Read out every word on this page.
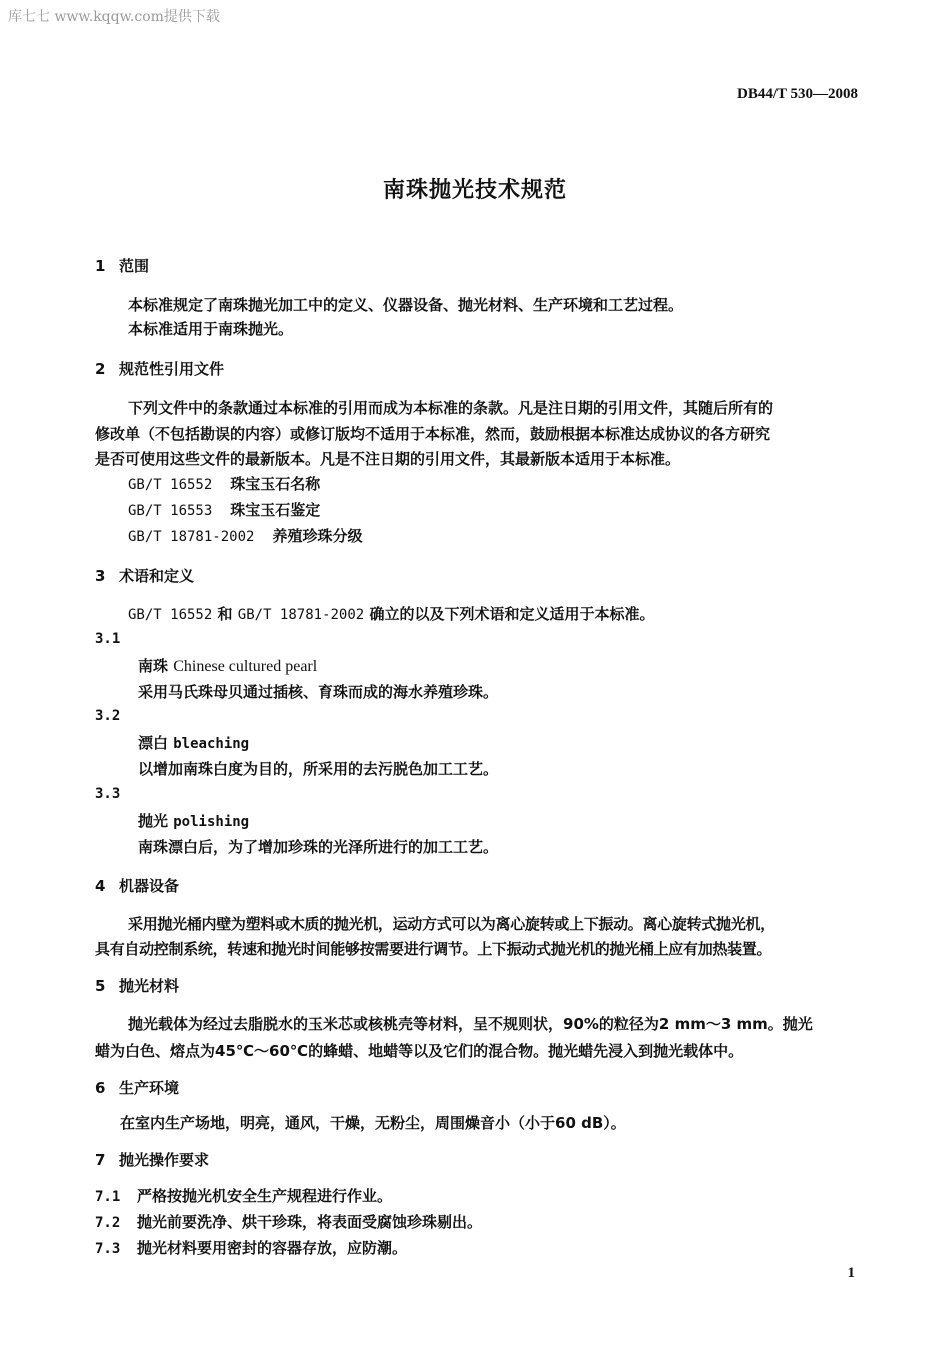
库七七 www.kqqw.com提供下载
DB44/T 530—2008
南珠抛光技术规范
1 范围
本标准规定了南珠抛光加工中的定义、仪器设备、抛光材料、生产环境和工艺过程。
本标准适用于南珠抛光。
2 规范性引用文件
下列文件中的条款通过本标准的引用而成为本标准的条款。凡是注日期的引用文件，其随后所有的
修改单（不包括勘误的内容）或修订版均不适用于本标准，然而，鼓励根据本标准达成协议的各方研究
是否可使用这些文件的最新版本。凡是不注日期的引用文件，其最新版本适用于本标准。
GB/T 16552 珠宝玉石名称
GB/T 16553 珠宝玉石鉴定
GB/T 18781-2002 养殖珍珠分级
3 术语和定义
GB/T 16552 和 GB/T 18781-2002 确立的以及下列术语和定义适用于本标准。
3.1
南珠 Chinese cultured pearl
采用马氏珠母贝通过插核、育珠而成的海水养殖珍珠。
3.2
漂白 bleaching
以增加南珠白度为目的，所采用的去污脱色加工工艺。
3.3
抛光 polishing
南珠漂白后，为了增加珍珠的光泽所进行的加工工艺。
4 机器设备
采用抛光桶内壁为塑料或木质的抛光机，运动方式可以为离心旋转或上下振动。离心旋转式抛光机，
具有自动控制系统，转速和抛光时间能够按需要进行调节。上下振动式抛光机的抛光桶上应有加热装置。
5 抛光材料
抛光载体为经过去脂脱水的玉米芯或核桃壳等材料，呈不规则状，90%的粒径为2 mm～3 mm。抛光
蜡为白色、熔点为45℃～60℃的蜂蜡、地蜡等以及它们的混合物。抛光蜡先浸入到抛光载体中。
6 生产环境
在室内生产场地，明亮，通风，干燥，无粉尘，周围燥音小（小于60 dB）。
7 抛光操作要求
7.1 严格按抛光机安全生产规程进行作业。
7.2 抛光前要洗净、烘干珍珠，将表面受腐蚀珍珠剔出。
7.3 抛光材料要用密封的容器存放，应防潮。
1
